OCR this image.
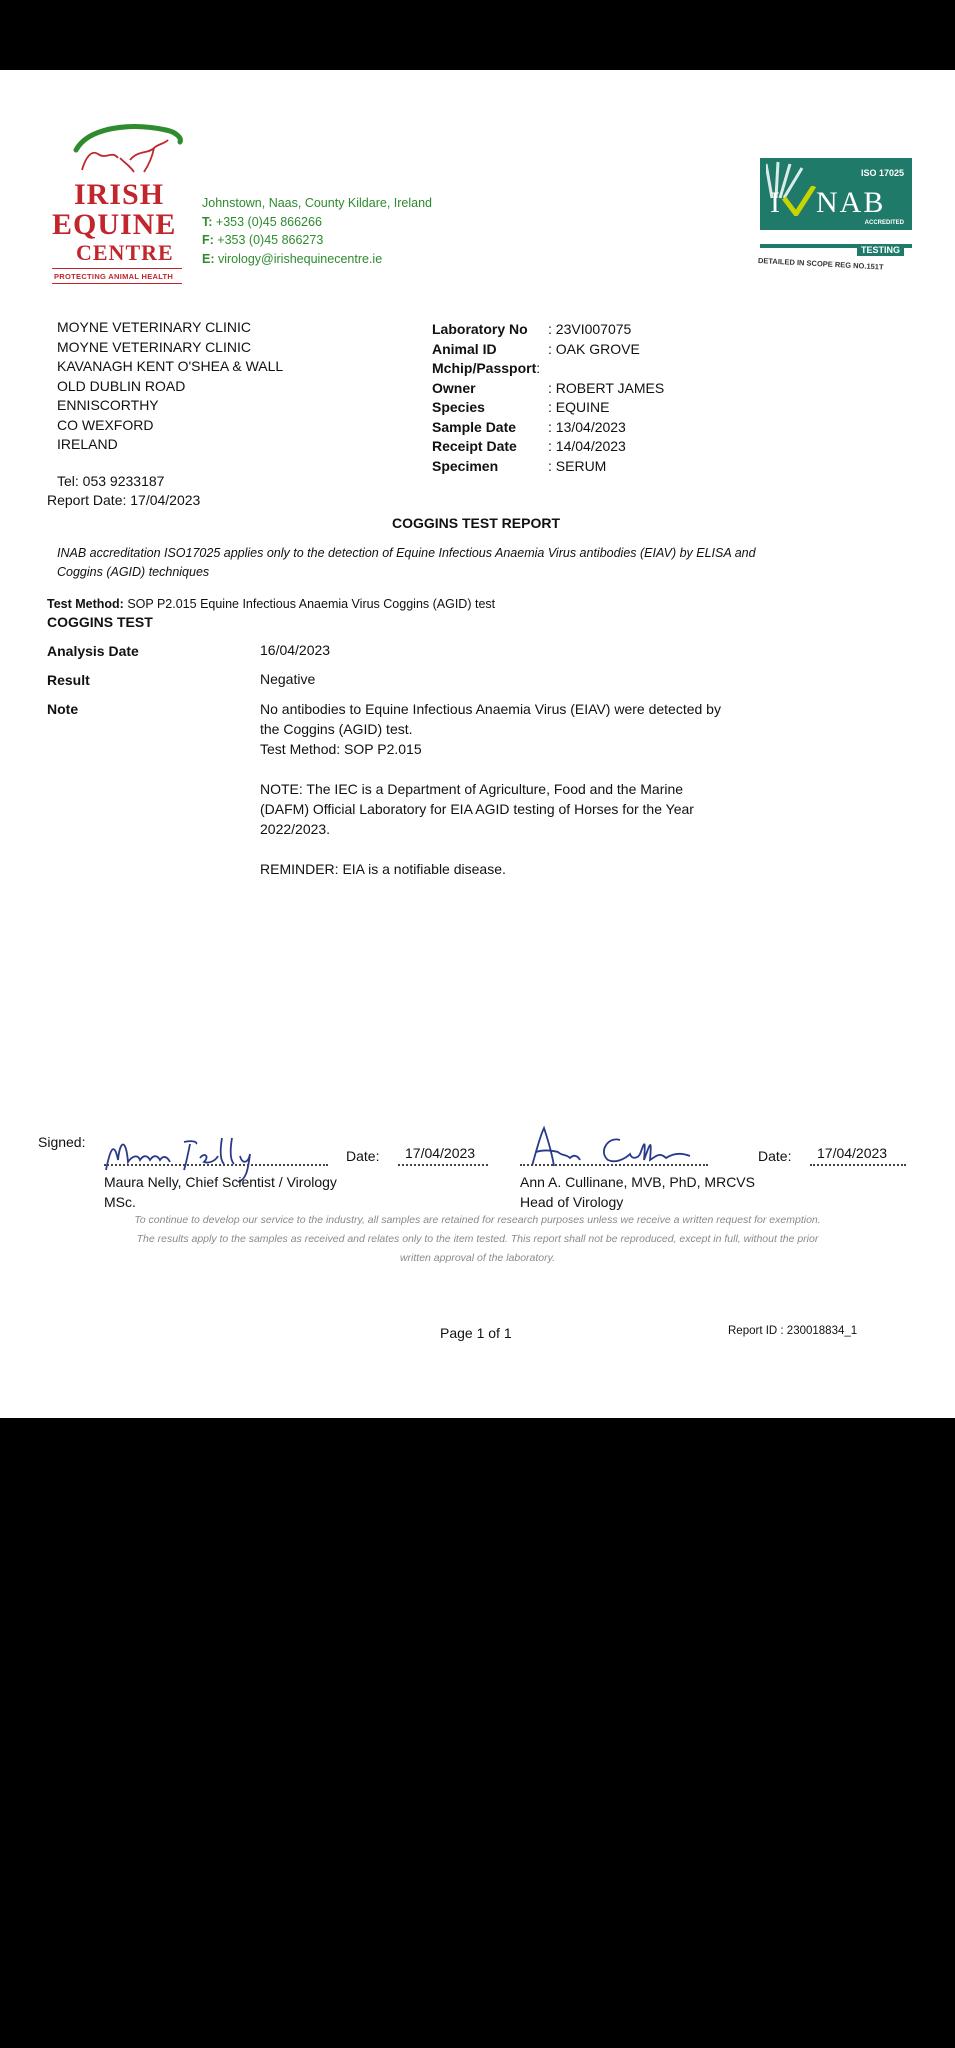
IRISH
EQUINE
CENTRE
PROTECTING ANIMAL HEALTH
Johnstown, Naas, County Kildare, Ireland
T: +353 (0)45 866266
F: +353 (0)45 866273
E: virology@irishequinecentre.ie
ISO 17025
I NAB
ACCREDITED
TESTING
DETAILED IN SCOPE REG NO.151T
MOYNE VETERINARY CLINIC
MOYNE VETERINARY CLINIC
KAVANAGH KENT O'SHEA & WALL
OLD DUBLIN ROAD
ENNISCORTHY
CO WEXFORD
IRELAND
Tel: 053 9233187
Report Date: 17/04/2023
Laboratory No	: 23VI007075
Animal ID	: OAK GROVE
Mchip/Passport :
Owner	: ROBERT JAMES
Species	: EQUINE
Sample Date	: 13/04/2023
Receipt Date	: 14/04/2023
Specimen	: SERUM
COGGINS TEST REPORT
INAB accreditation ISO17025 applies only to the detection of Equine Infectious Anaemia Virus antibodies (EIAV) by ELISA and
Coggins (AGID) techniques
Test Method: SOP P2.015 Equine Infectious Anaemia Virus Coggins (AGID) test
COGGINS TEST
Analysis Date	16/04/2023
Result	Negative
Note	No antibodies to Equine Infectious Anaemia Virus (EIAV) were detected by
the Coggins (AGID) test.
Test Method: SOP P2.015
NOTE: The IEC is a Department of Agriculture, Food and the Marine
(DAFM) Official Laboratory for EIA AGID testing of Horses for the Year
2022/2023.
REMINDER: EIA is a notifiable disease.
Signed:
Date: 17/04/2023
Maura Nelly, Chief Scientist / Virology
MSc.
Date: 17/04/2023
Ann A. Cullinane, MVB, PhD, MRCVS
Head of Virology
To continue to develop our service to the industry, all samples are retained for research purposes unless we receive a written request for exemption.
The results apply to the samples as received and relates only to the item tested. This report shall not be reproduced, except in full, without the prior
written approval of the laboratory.
Page 1 of 1	Report ID : 230018834_1
